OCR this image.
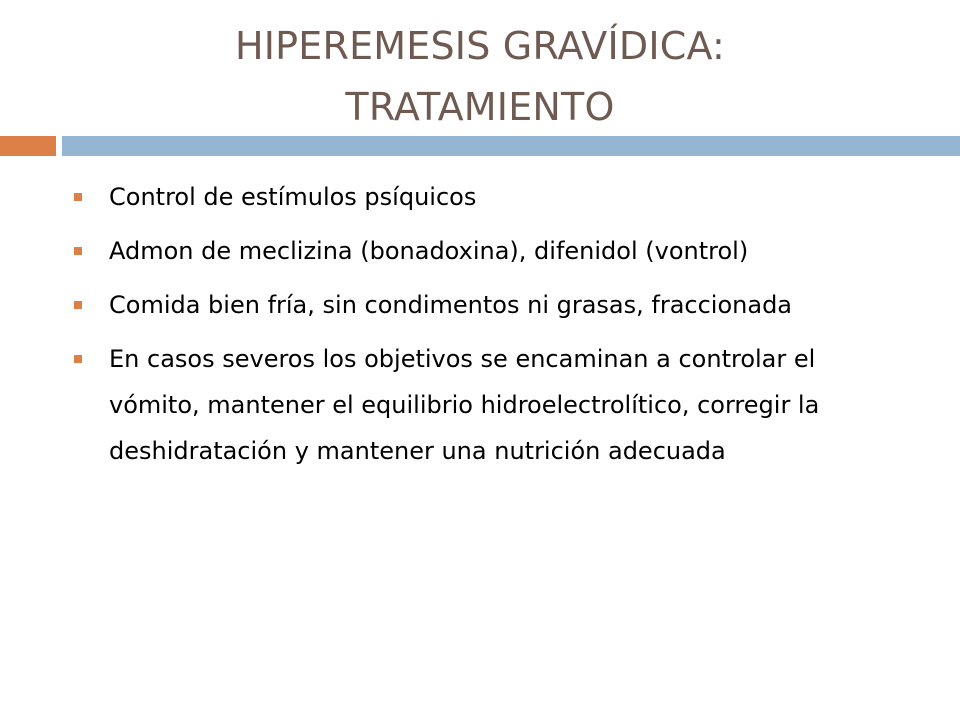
HIPEREMESIS GRAVÍDICA:
TRATAMIENTO
Control de estímulos psíquicos
Admon de meclizina (bonadoxina), difenidol (vontrol)
Comida bien fría, sin condimentos ni grasas, fraccionada
En casos severos los objetivos se encaminan a controlar el vómito, mantener el equilibrio hidroelectrolítico, corregir la deshidratación y mantener una nutrición adecuada
